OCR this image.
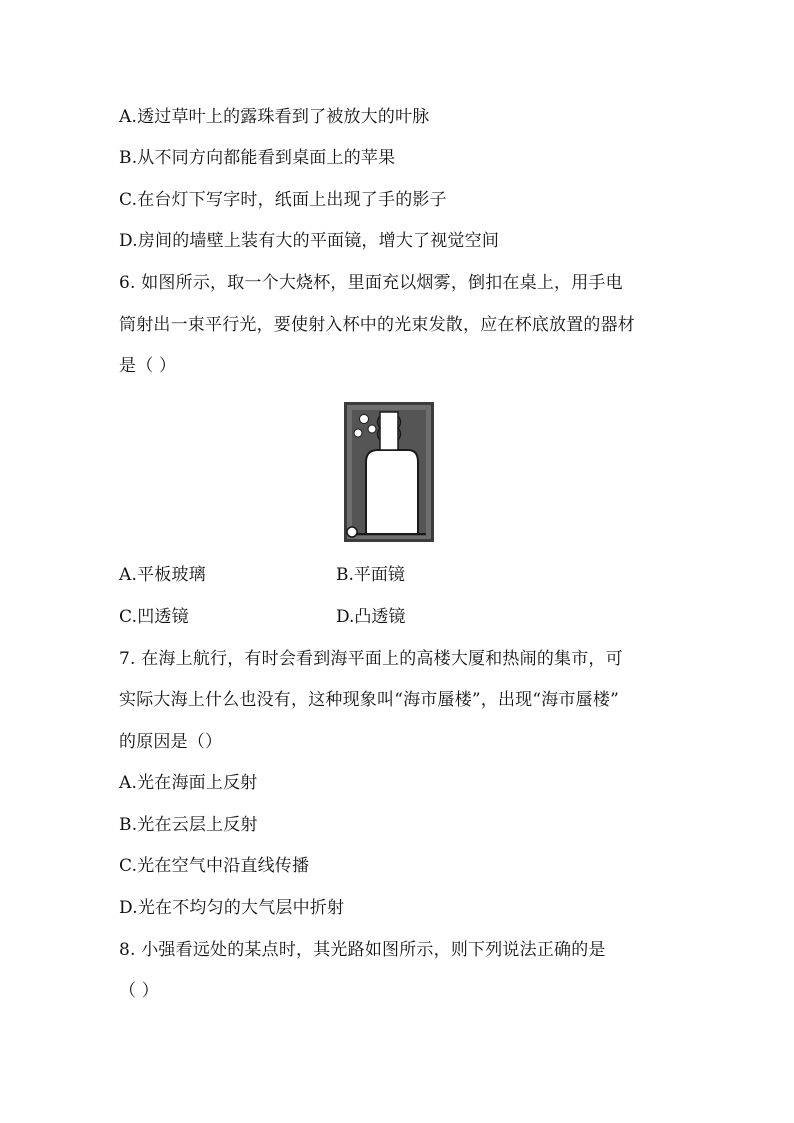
A.透过草叶上的露珠看到了被放大的叶脉
B.从不同方向都能看到桌面上的苹果
C.在台灯下写字时，纸面上出现了手的影子
D.房间的墙壁上装有大的平面镜，增大了视觉空间
6. 如图所示，取一个大烧杯，里面充以烟雾，倒扣在桌上，用手电
筒射出一束平行光，要使射入杯中的光束发散，应在杯底放置的器材
是（ ）
A.平板玻璃	B.平面镜
C.凹透镜	D.凸透镜
7. 在海上航行，有时会看到海平面上的高楼大厦和热闹的集市，可
实际大海上什么也没有，这种现象叫“海市蜃楼”，出现“海市蜃楼”
的原因是（）
A.光在海面上反射
B.光在云层上反射
C.光在空气中沿直线传播
D.光在不均匀的大气层中折射
8. 小强看远处的某点时，其光路如图所示，则下列说法正确的是
（ ）
